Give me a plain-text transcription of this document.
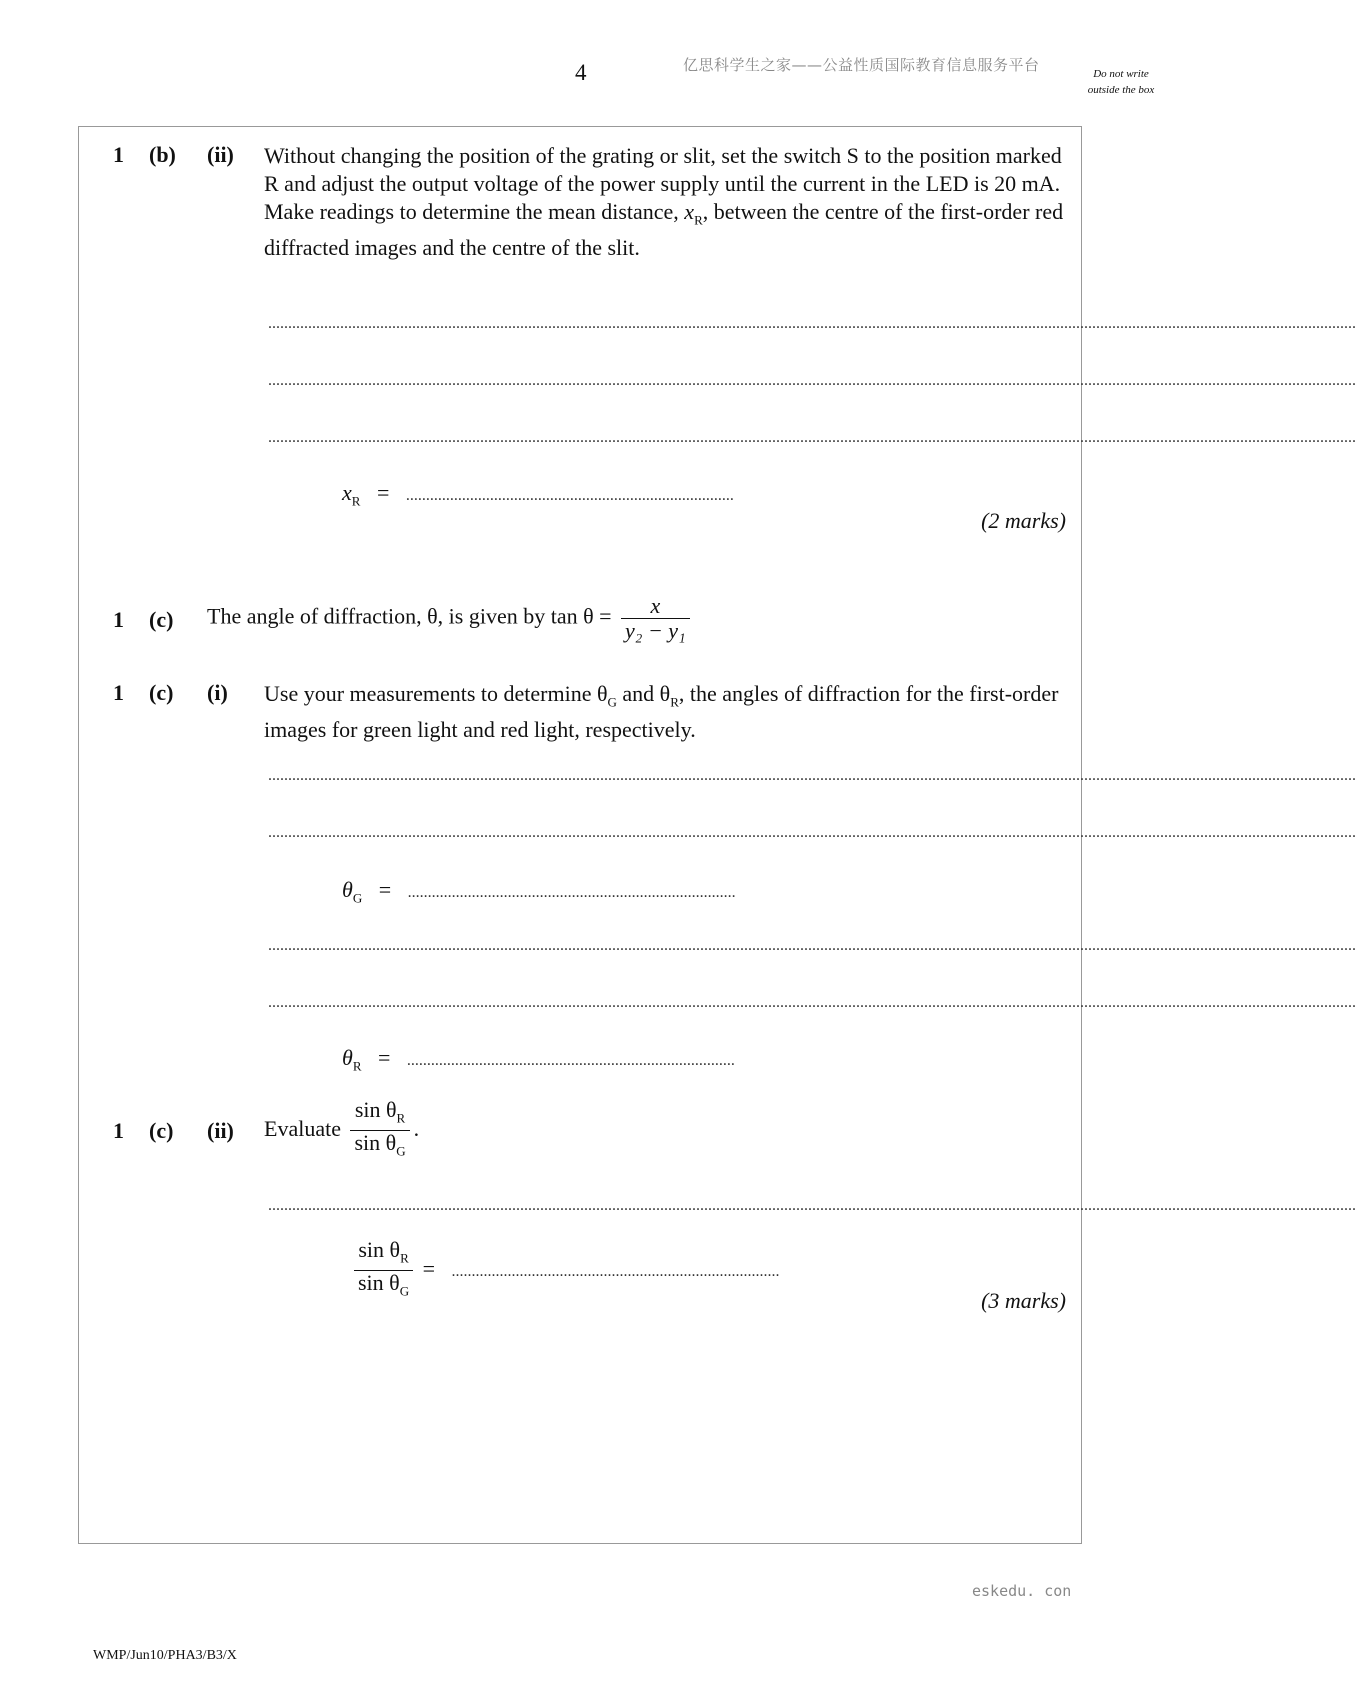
4	亿思科学生之家——公益性质国际教育信息服务平台	Do not write outside the box
1 (b) (ii) Without changing the position of the grating or slit, set the switch S to the position marked R and adjust the output voltage of the power supply until the current in the LED is 20 mA. Make readings to determine the mean distance, $x_R$, between the centre of the first-order red diffracted images and the centre of the slit.
................................................................................................................................................................................................................................................................................
................................................................................................................................................................................................................................................................................
................................................................................................................................................................................................................................................................................
$x_R$ = ..................................................................................
(2 marks)
1 (c) The angle of diffraction, θ, is given by $\tan \theta = \frac{x}{\text{y₂ − y₁}}$
1 (c) (i) Use your measurements to determine $\theta_G$ and $\theta_R$, the angles of diffraction for the first-order images for green light and red light, respectively.
................................................................................................................................................................................................................................................................................
................................................................................................................................................................................................................................................................................
$\theta_G$ = ..................................................................................
................................................................................................................................................................................................................................................................................
................................................................................................................................................................................................................................................................................
$\theta_R$ = ..................................................................................
1 (c) (ii) Evaluate $\frac{\sin \theta_R}{\sin \theta_G}$ .
................................................................................................................................................................................................................................................................................
$\frac{\sin \theta_R}{\sin \theta_G}$ = ..................................................................................
(3 marks)
eskedu. con
WMP/Jun10/PHA3/B3/X
